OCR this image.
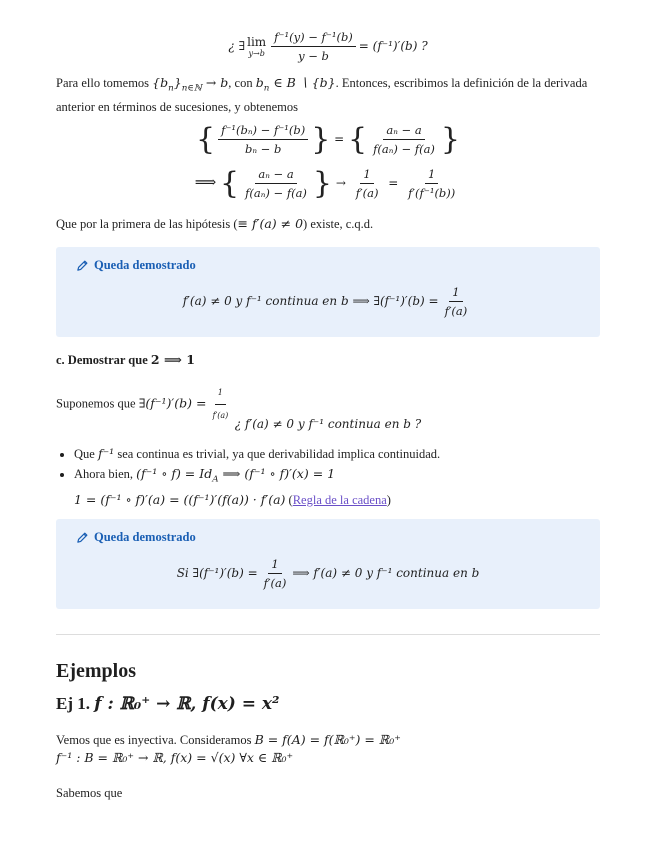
¿ ∃ lim
$y\to b \frac{\text{f⁻¹(y) − f⁻¹(b)}}{y - b} = (f^{-1})'(b)$ ?
Para ello tomemos $\{b_n\}_{n\in ℕ} \to b$, con $b_n$ ∈ B ∖ {b}. Entonces, escribimos la definición de la derivada anterior en términos de sucesiones, y obtenemos
{ $\frac{\text{f⁻¹(bₙ) − f⁻¹(b)}}{\text{bₙ − b}}$ } = { $\frac{\text{aₙ − a}}{\text{f(aₙ) − f(a)}}$ }
⟹ { $\frac{\text{aₙ − a}}{\text{f(aₙ) − f(a)}}$ } → $\frac{1}{f'(a)} = \frac{1}{\text{f′(f⁻¹(b))}}$
Que por la primera de las hipótesis (≡ f′(a) ≠ 0) existe, c.q.d.
Queda demostrado
f′(a) ≠ 0 y f⁻¹ continua en b ⟹ ∃(f⁻¹)′(b) = $\frac{1}{f'(a)}$
c. Demostrar que 2 ⟹ 1
Suponemos que ∃(f⁻¹)′(b) = $\frac{1}{f'(a)}$ ¿ f′(a) ≠ 0 y f⁻¹ continua en b ?
• Que f⁻¹ sea continua es trivial, ya que derivabilidad implica continuidad.
• Ahora bien, (f⁻¹ ∘ $f) = Id_A$ ⟹ (f⁻¹ ∘ f)′(x) = 1
1 = (f⁻¹ ∘ f)′(a) = ((f⁻¹)′(f(a)) · f′(a) (Regla de la cadena)
Queda demostrado
Si ∃(f⁻¹)′(b) = $\frac{1}{f'(a)}$ ⟹ f′(a) ≠ 0 y f⁻¹ continua en b
Ejemplos
Ej 1. f : ℝ₀⁺ → ℝ, f(x) = x²
Vemos que es inyectiva. Consideramos B = f(A) = f(ℝ₀⁺) = ℝ₀⁺
f⁻¹ : B = ℝ₀⁺ → ℝ, f(x) = √(x) ∀x ∈ ℝ₀⁺
Sabemos que
